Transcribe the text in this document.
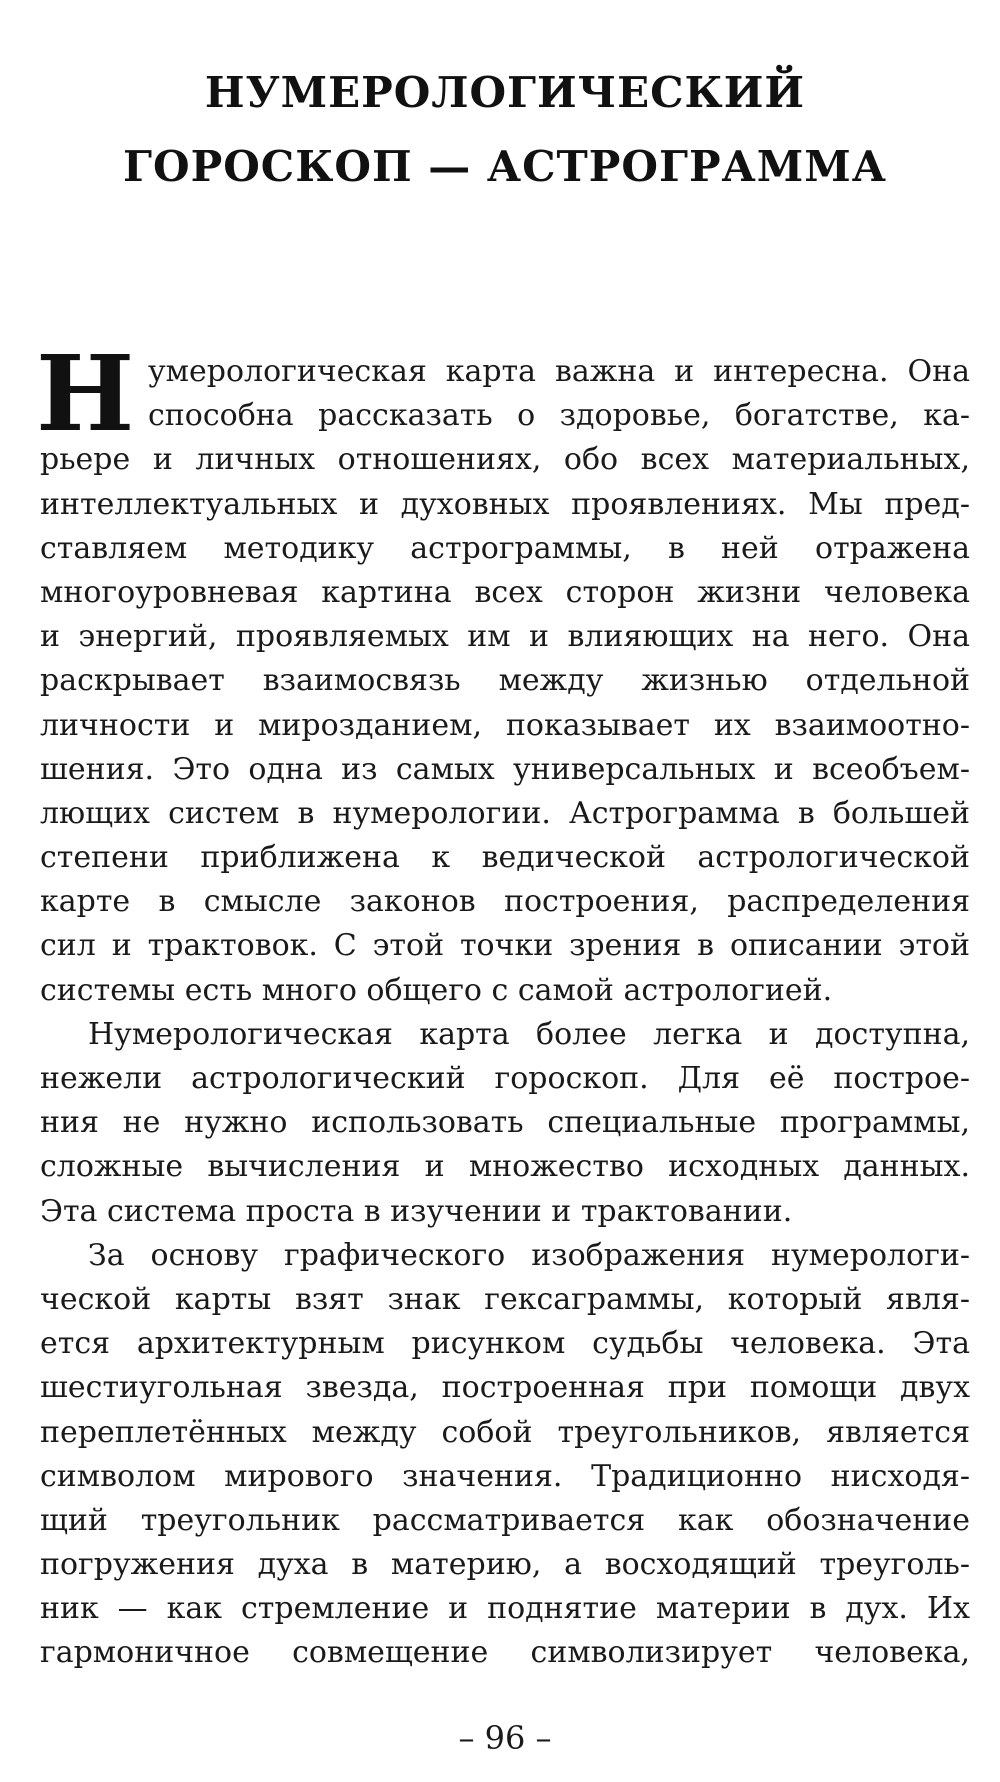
НУМЕРОЛОГИЧЕСКИЙ
ГОРОСКОП — АСТРОГРАММА
Н умерологическая карта важна и интересна. Она
способна рассказать о здоровье, богатстве, ка-
рьере и личных отношениях, обо всех материальных,
интеллектуальных и духовных проявлениях. Мы пред-
ставляем методику астрограммы, в ней отражена
многоуровневая картина всех сторон жизни человека
и энергий, проявляемых им и влияющих на него. Она
раскрывает взаимосвязь между жизнью отдельной
личности и мирозданием, показывает их взаимоотно-
шения. Это одна из самых универсальных и всеобъем-
лющих систем в нумерологии. Астрограмма в большей
степени приближена к ведической астрологической
карте в смысле законов построения, распределения
сил и трактовок. С этой точки зрения в описании этой
системы есть много общего с самой астрологией.
Нумерологическая карта более легка и доступна,
нежели астрологический гороскоп. Для её построе-
ния не нужно использовать специальные программы,
сложные вычисления и множество исходных данных.
Эта система проста в изучении и трактовании.
За основу графического изображения нумерологи-
ческой карты взят знак гексаграммы, который явля-
ется архитектурным рисунком судьбы человека. Эта
шестиугольная звезда, построенная при помощи двух
переплетённых между собой треугольников, является
символом мирового значения. Традиционно нисходя-
щий треугольник рассматривается как обозначение
погружения духа в материю, а восходящий треуголь-
ник — как стремление и поднятие материи в дух. Их
гармоничное совмещение символизирует человека,
– 96 –
